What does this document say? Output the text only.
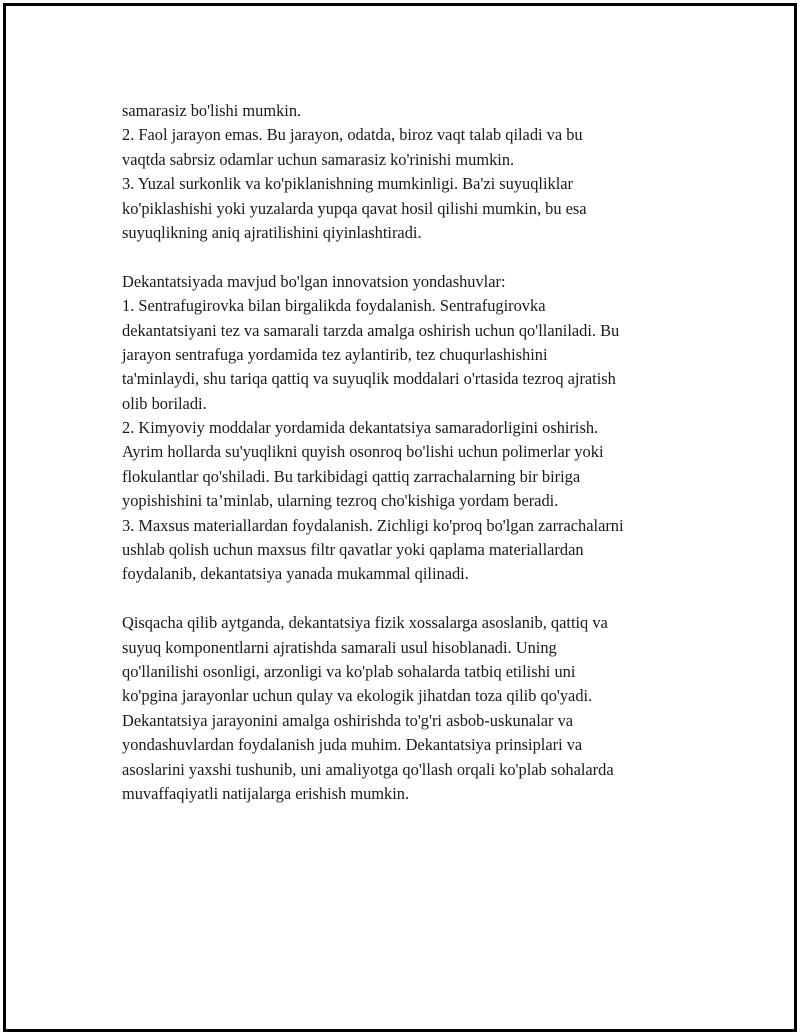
samarasiz bo'lishi mumkin.
2. Faol jarayon emas. Bu jarayon, odatda, biroz vaqt talab qiladi va bu
vaqtda sabrsiz odamlar uchun samarasiz ko'rinishi mumkin.
3. Yuzal surkonlik va ko'piklanishning mumkinligi. Ba'zi suyuqliklar
ko'piklashishi yoki yuzalarda yupqa qavat hosil qilishi mumkin, bu esa
suyuqlikning aniq ajratilishini qiyinlashtiradi.
Dekantatsiyada mavjud bo'lgan innovatsion yondashuvlar:
1. Sentrafugirovka bilan birgalikda foydalanish. Sentrafugirovka
dekantatsiyani tez va samarali tarzda amalga oshirish uchun qo'llaniladi. Bu
jarayon sentrafuga yordamida tez aylantirib, tez chuqurlashishini
ta'minlaydi, shu tariqa qattiq va suyuqlik moddalari o'rtasida tezroq ajratish
olib boriladi.
2. Kimyoviy moddalar yordamida dekantatsiya samaradorligini oshirish.
Ayrim hollarda su'yuqlikni quyish osonroq bo'lishi uchun polimerlar yoki
flokulantlar qo'shiladi. Bu tarkibidagi qattiq zarrachalarning bir biriga
yopishishini ta’minlab, ularning tezroq cho'kishiga yordam beradi.
3. Maxsus materiallardan foydalanish. Zichligi ko'proq bo'lgan zarrachalarni
ushlab qolish uchun maxsus filtr qavatlar yoki qaplama materiallardan
foydalanib, dekantatsiya yanada mukammal qilinadi.
Qisqacha qilib aytganda, dekantatsiya fizik xossalarga asoslanib, qattiq va
suyuq komponentlarni ajratishda samarali usul hisoblanadi. Uning
qo'llanilishi osonligi, arzonligi va ko'plab sohalarda tatbiq etilishi uni
ko'pgina jarayonlar uchun qulay va ekologik jihatdan toza qilib qo'yadi.
Dekantatsiya jarayonini amalga oshirishda to'g'ri asbob-uskunalar va
yondashuvlardan foydalanish juda muhim. Dekantatsiya prinsiplari va
asoslarini yaxshi tushunib, uni amaliyotga qo'llash orqali ko'plab sohalarda
muvaffaqiyatli natijalarga erishish mumkin.
